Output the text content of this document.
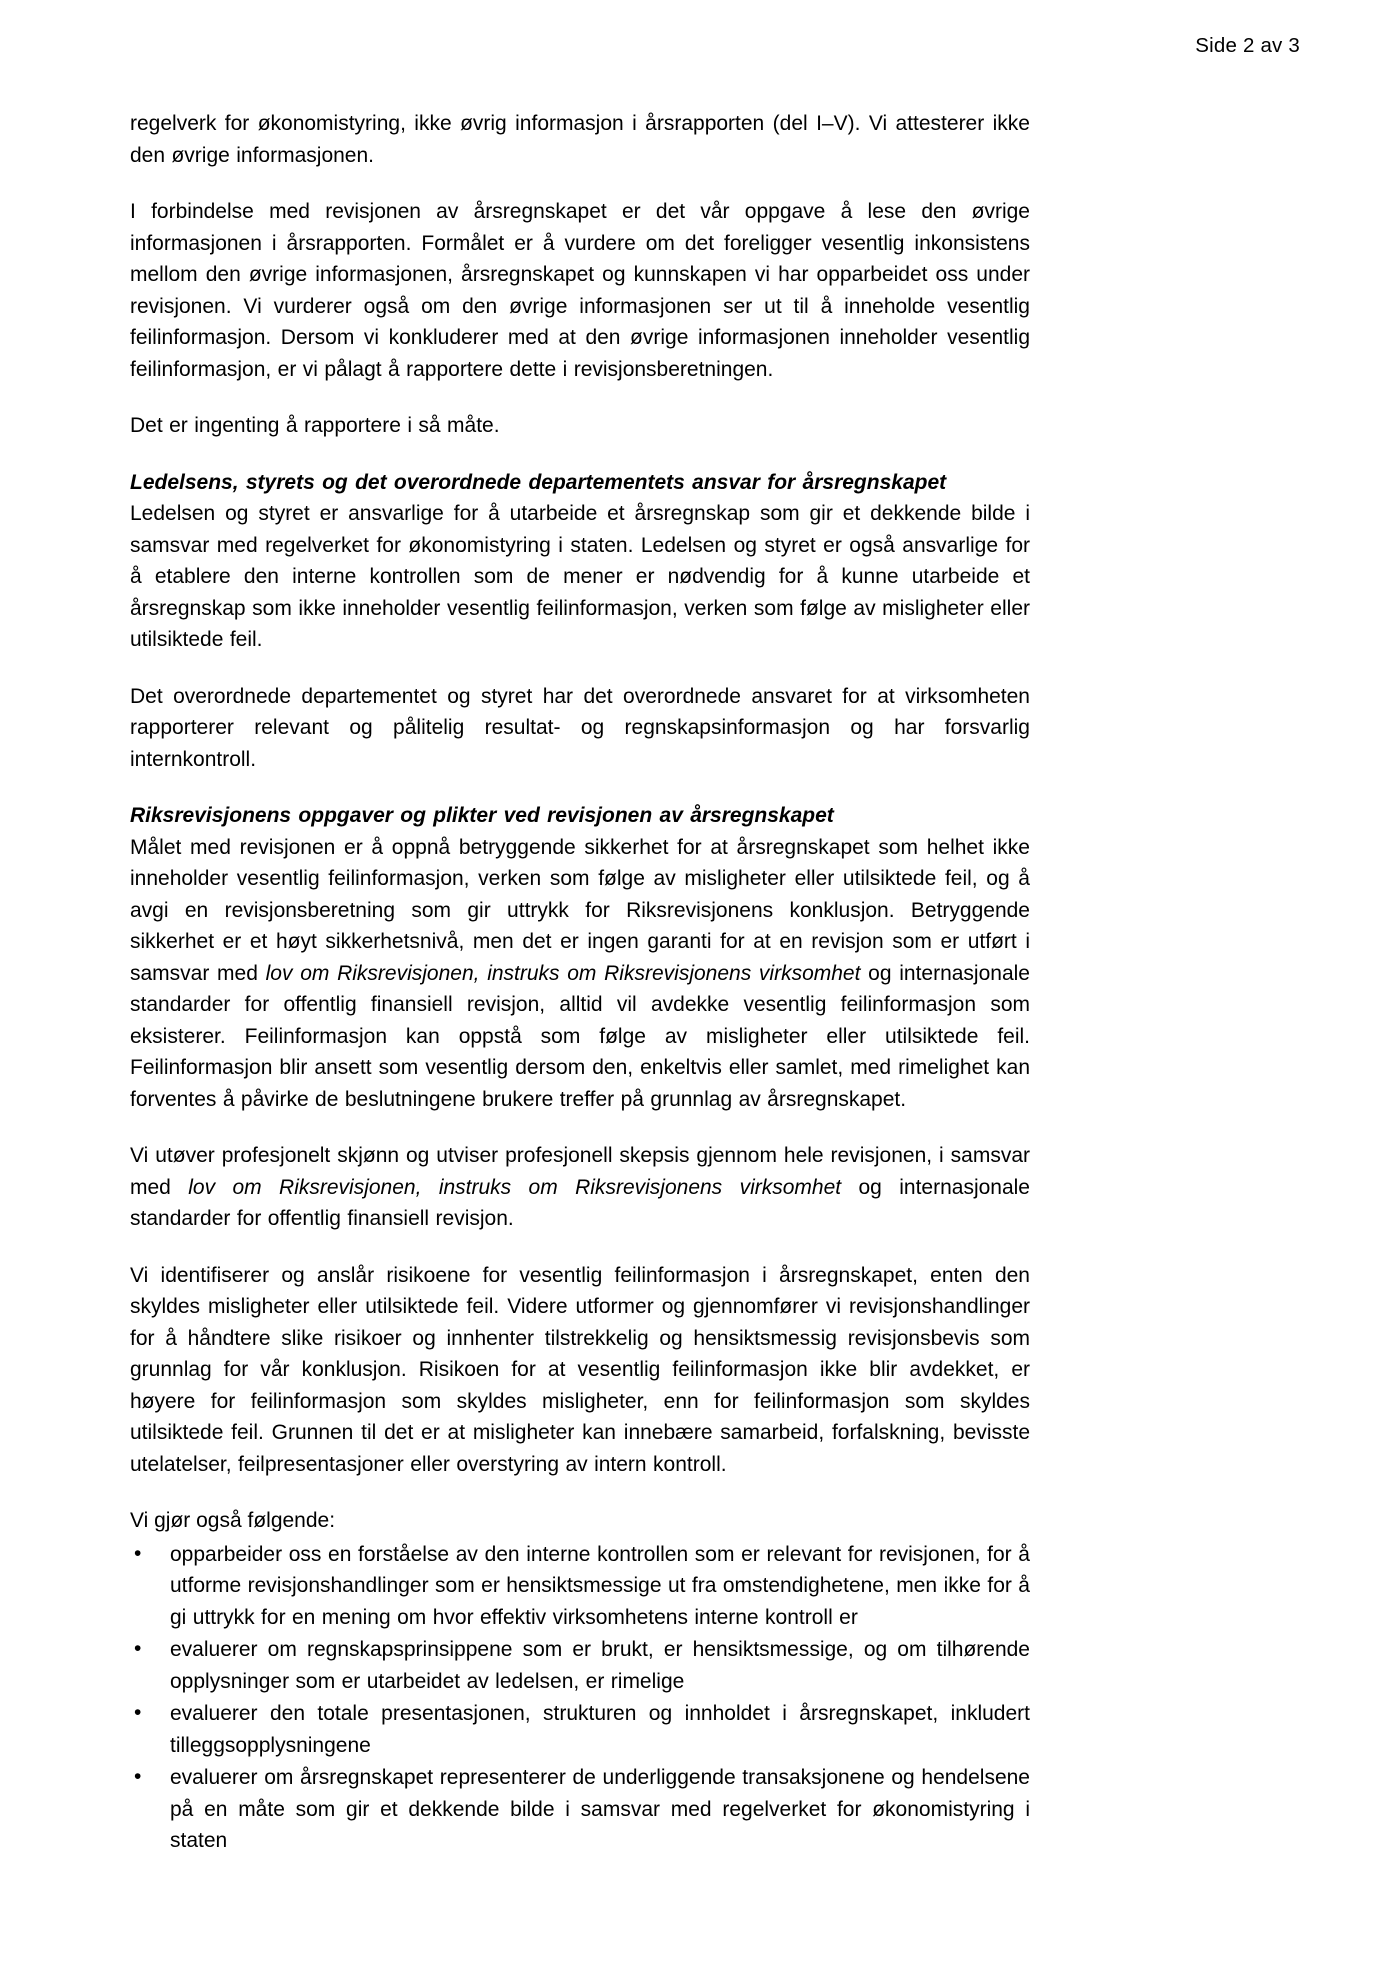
Side 2 av 3

regelverk for økonomistyring, ikke øvrig informasjon i årsrapporten (del I–V). Vi attesterer ikke den øvrige informasjonen.

I forbindelse med revisjonen av årsregnskapet er det vår oppgave å lese den øvrige informasjonen i årsrapporten. Formålet er å vurdere om det foreligger vesentlig inkonsistens mellom den øvrige informasjonen, årsregnskapet og kunnskapen vi har opparbeidet oss under revisjonen. Vi vurderer også om den øvrige informasjonen ser ut til å inneholde vesentlig feilinformasjon. Dersom vi konkluderer med at den øvrige informasjonen inneholder vesentlig feilinformasjon, er vi pålagt å rapportere dette i revisjonsberetningen.

Det er ingenting å rapportere i så måte.

Ledelsens, styrets og det overordnede departementets ansvar for årsregnskapet

Ledelsen og styret er ansvarlige for å utarbeide et årsregnskap som gir et dekkende bilde i samsvar med regelverket for økonomistyring i staten. Ledelsen og styret er også ansvarlige for å etablere den interne kontrollen som de mener er nødvendig for å kunne utarbeide et årsregnskap som ikke inneholder vesentlig feilinformasjon, verken som følge av misligheter eller utilsiktede feil.

Det overordnede departementet og styret har det overordnede ansvaret for at virksomheten rapporterer relevant og pålitelig resultat- og regnskapsinformasjon og har forsvarlig internkontroll.

Riksrevisjonens oppgaver og plikter ved revisjonen av årsregnskapet

Målet med revisjonen er å oppnå betryggende sikkerhet for at årsregnskapet som helhet ikke inneholder vesentlig feilinformasjon, verken som følge av misligheter eller utilsiktede feil, og å avgi en revisjonsberetning som gir uttrykk for Riksrevisjonens konklusjon. Betryggende sikkerhet er et høyt sikkerhetsnivå, men det er ingen garanti for at en revisjon som er utført i samsvar med lov om Riksrevisjonen, instruks om Riksrevisjonens virksomhet og internasjonale standarder for offentlig finansiell revisjon, alltid vil avdekke vesentlig feilinformasjon som eksisterer. Feilinformasjon kan oppstå som følge av misligheter eller utilsiktede feil. Feilinformasjon blir ansett som vesentlig dersom den, enkeltvis eller samlet, med rimelighet kan forventes å påvirke de beslutningene brukere treffer på grunnlag av årsregnskapet.

Vi utøver profesjonelt skjønn og utviser profesjonell skepsis gjennom hele revisjonen, i samsvar med lov om Riksrevisjonen, instruks om Riksrevisjonens virksomhet og internasjonale standarder for offentlig finansiell revisjon.

Vi identifiserer og anslår risikoene for vesentlig feilinformasjon i årsregnskapet, enten den skyldes misligheter eller utilsiktede feil. Videre utformer og gjennomfører vi revisjonshandlinger for å håndtere slike risikoer og innhenter tilstrekkelig og hensiktsmessig revisjonsbevis som grunnlag for vår konklusjon. Risikoen for at vesentlig feilinformasjon ikke blir avdekket, er høyere for feilinformasjon som skyldes misligheter, enn for feilinformasjon som skyldes utilsiktede feil. Grunnen til det er at misligheter kan innebære samarbeid, forfalskning, bevisste utelatelser, feilpresentasjoner eller overstyring av intern kontroll.

Vi gjør også følgende:

• opparbeider oss en forståelse av den interne kontrollen som er relevant for revisjonen, for å utforme revisjonshandlinger som er hensiktsmessige ut fra omstendighetene, men ikke for å gi uttrykk for en mening om hvor effektiv virksomhetens interne kontroll er
• evaluerer om regnskapsprinsippene som er brukt, er hensiktsmessige, og om tilhørende opplysninger som er utarbeidet av ledelsen, er rimelige
• evaluerer den totale presentasjonen, strukturen og innholdet i årsregnskapet, inkludert tilleggsopplysningene
• evaluerer om årsregnskapet representerer de underliggende transaksjonene og hendelsene på en måte som gir et dekkende bilde i samsvar med regelverket for økonomistyring i staten
